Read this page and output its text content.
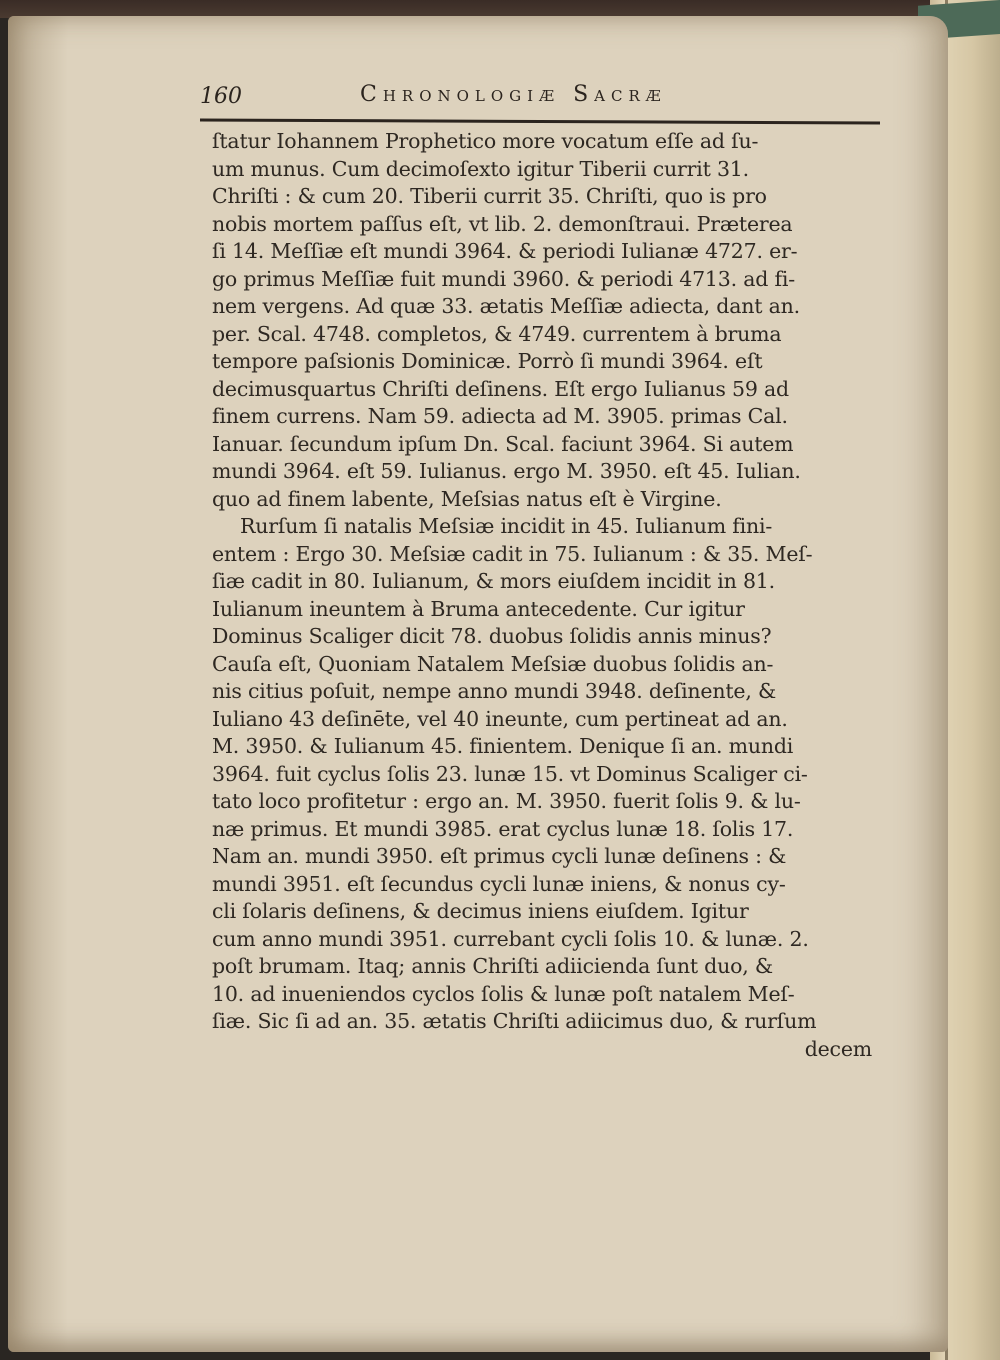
160	Chronologiæ Sacræ
ſtatur Iohannem Prophetico more vocatum eſſe ad ſu-
um munus. Cum decimoſexto igitur Tiberii currit 31.
Chriſti : & cum 20. Tiberii currit 35. Chriſti, quo is pro
nobis mortem paſſus eſt, vt lib. 2. demonſtraui. Præterea
ſi 14. Meſſiæ eſt mundi 3964. & periodi Iulianæ 4727. er-
go primus Meſſiæ fuit mundi 3960. & periodi 4713. ad fi-
nem vergens. Ad quæ 33. ætatis Meſſiæ adiecta, dant an.
per. Scal. 4748. completos, & 4749. currentem à bruma
tempore paſsionis Dominicæ. Porrò ſi mundi 3964. eſt
decimusquartus Chriſti deſinens. Eſt ergo Iulianus 59 ad
finem currens. Nam 59. adiecta ad M. 3905. primas Cal.
Ianuar. ſecundum ipſum Dn. Scal. faciunt 3964. Si autem
mundi 3964. eſt 59. Iulianus. ergo M. 3950. eſt 45. Iulian.
quo ad finem labente, Meſsias natus eſt è Virgine.
Rurſum ſi natalis Meſsiæ incidit in 45. Iulianum fini-
entem : Ergo 30. Meſsiæ cadit in 75. Iulianum : & 35. Meſ-
ſiæ cadit in 80. Iulianum, & mors eiuſdem incidit in 81.
Iulianum ineuntem à Bruma antecedente. Cur igitur
Dominus Scaliger dicit 78. duobus ſolidis annis minus?
Cauſa eſt, Quoniam Natalem Meſsiæ duobus ſolidis an-
nis citius poſuit, nempe anno mundi 3948. deſinente, &
Iuliano 43 deſinēte, vel 40 ineunte, cum pertineat ad an.
M. 3950. & Iulianum 45. finientem. Denique ſi an. mundi
3964. fuit cyclus ſolis 23. lunæ 15. vt Dominus Scaliger ci-
tato loco profitetur : ergo an. M. 3950. fuerit ſolis 9. & lu-
næ primus. Et mundi 3985. erat cyclus lunæ 18. ſolis 17.
Nam an. mundi 3950. eſt primus cycli lunæ deſinens : &
mundi 3951. eſt ſecundus cycli lunæ iniens, & nonus cy-
cli ſolaris deſinens, & decimus iniens eiuſdem. Igitur
cum anno mundi 3951. currebant cycli ſolis 10. & lunæ. 2.
poſt brumam. Itaq; annis Chriſti adiicienda ſunt duo, &
10. ad inueniendos cyclos ſolis & lunæ poſt natalem Meſ-
ſiæ. Sic ſi ad an. 35. ætatis Chriſti adiicimus duo, & rurſum
decem
